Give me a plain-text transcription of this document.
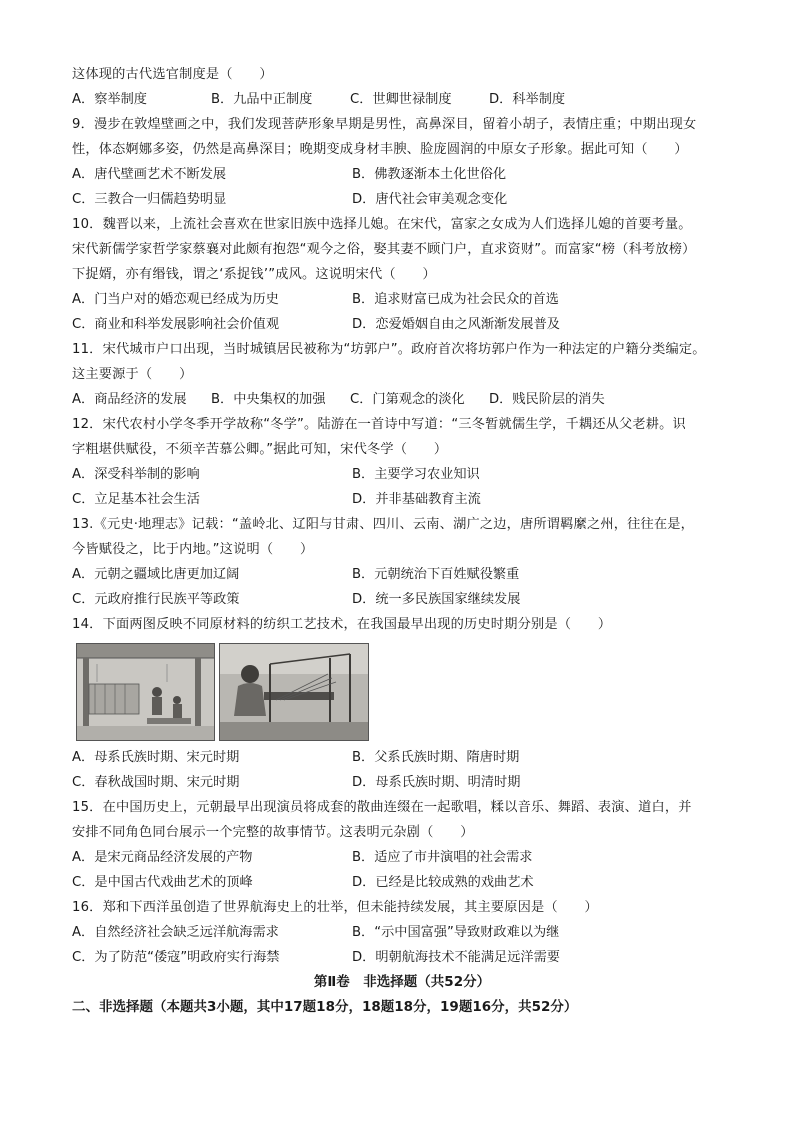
这体现的古代选官制度是（　　）
A．察举制度	B．九品中正制度	C．世卿世禄制度	D．科举制度
9．漫步在敦煌壁画之中，我们发现菩萨形象早期是男性，高鼻深目，留着小胡子，表情庄重；中期出现女
性，体态婀娜多姿，仍然是高鼻深目；晚期变成身材丰腴、脸庞圆润的中原女子形象。据此可知（　　）
A．唐代壁画艺术不断发展	B．佛教逐渐本土化世俗化
C．三教合一归儒趋势明显	D．唐代社会审美观念变化
10．魏晋以来，上流社会喜欢在世家旧族中选择儿媳。在宋代，富家之女成为人们选择儿媳的首要考量。
宋代新儒学家哲学家蔡襄对此颇有抱怨“观今之俗，娶其妻不顾门户，直求资财”。而富家“榜（科考放榜）
下捉婿，亦有缗钱，谓之‘系捉钱’”成风。这说明宋代（　　）
A．门当户对的婚恋观已经成为历史	B．追求财富已成为社会民众的首选
C．商业和科举发展影响社会价值观	D．恋爱婚姻自由之风渐渐发展普及
11．宋代城市户口出现，当时城镇居民被称为“坊郭户”。政府首次将坊郭户作为一种法定的户籍分类编定。
这主要源于（　　）
A．商品经济的发展	B．中央集权的加强	C．门第观念的淡化	D．贱民阶层的消失
12．宋代农村小学冬季开学故称“冬学”。陆游在一首诗中写道：“三冬暂就儒生学，千耦还从父老耕。识
字粗堪供赋役，不须辛苦慕公卿。”据此可知，宋代冬学（　　）
A．深受科举制的影响	B．主要学习农业知识
C．立足基本社会生活	D．并非基础教育主流
13.《元史·地理志》记载：“盖岭北、辽阳与甘肃、四川、云南、湖广之边，唐所谓羁縻之州，往往在是，
今皆赋役之，比于内地。”这说明（　　）
A．元朝之疆域比唐更加辽阔	B．元朝统治下百姓赋役繁重
C．元政府推行民族平等政策	D．统一多民族国家继续发展
14．下面两图反映不同原材料的纺织工艺技术，在我国最早出现的历史时期分别是（　　）
A．母系氏族时期、宋元时期	B．父系氏族时期、隋唐时期
C．春秋战国时期、宋元时期	D．母系氏族时期、明清时期
15．在中国历史上，元朝最早出现演员将成套的散曲连缀在一起歌唱，糅以音乐、舞蹈、表演、道白，并
安排不同角色同台展示一个完整的故事情节。这表明元杂剧（　　）
A．是宋元商品经济发展的产物	B．适应了市井演唱的社会需求
C．是中国古代戏曲艺术的顶峰	D．已经是比较成熟的戏曲艺术
16．郑和下西洋虽创造了世界航海史上的壮举，但未能持续发展，其主要原因是（　　）
A．自然经济社会缺乏远洋航海需求	B．“示中国富强”导致财政难以为继
C．为了防范“倭寇”明政府实行海禁	D．明朝航海技术不能满足远洋需要
第Ⅱ卷　非选择题（共52分）
二、非选择题（本题共3小题，其中17题18分，18题18分，19题16分，共52分）
